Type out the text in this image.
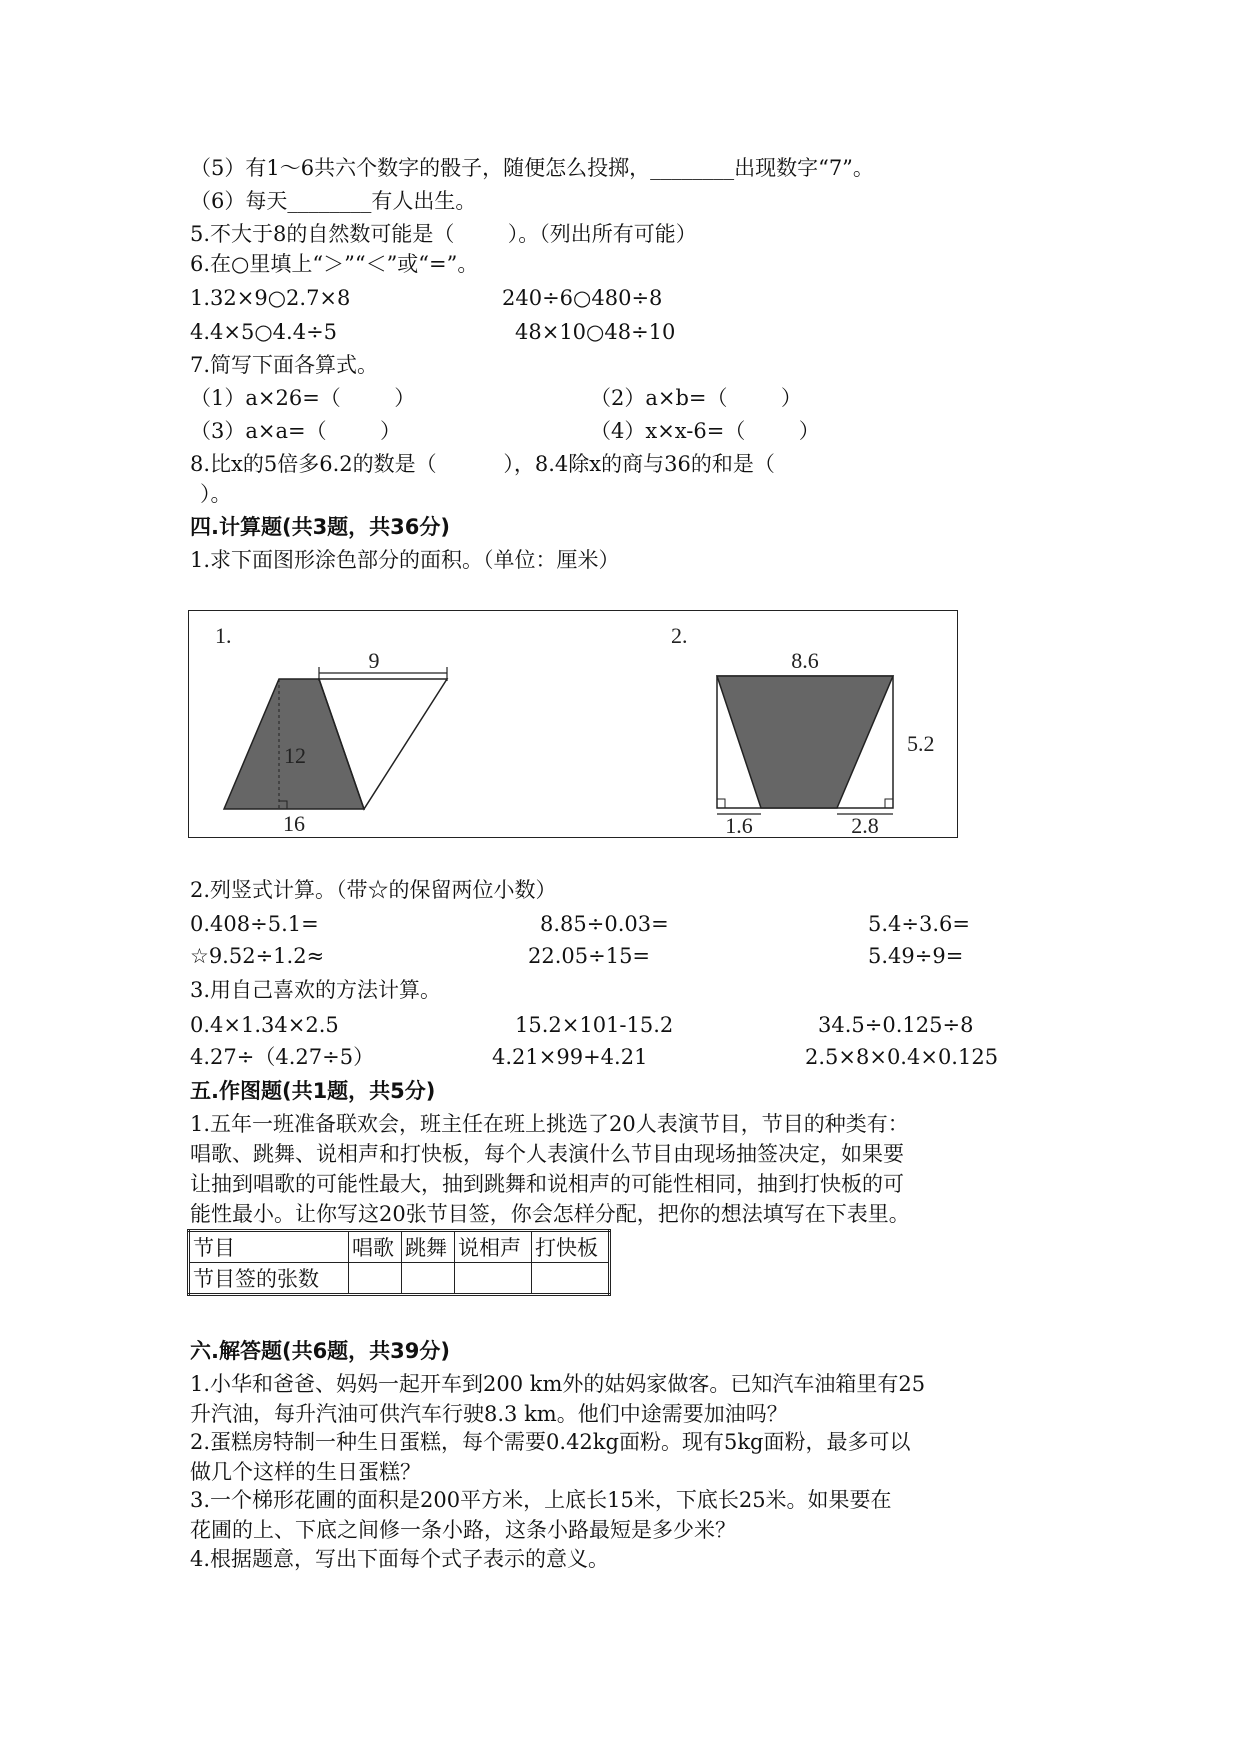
（5）有1～6共六个数字的骰子，随便怎么投掷，________出现数字“7”。
（6）每天________有人出生。
5.不大于8的自然数可能是（        ）。（列出所有可能）
6.在○里填上“＞”“＜”或“=”。
1.32×9○2.7×8	240÷6○480÷8
4.4×5○4.4÷5	48×10○48÷10
7.简写下面各算式。
（1）a×26=（        ）	（2）a×b=（        ）
（3）a×a=（        ）	（4）x×x-6=（        ）
8.比x的5倍多6.2的数是（          ），8.4除x的商与36的和是（
）。
四.计算题(共3题，共36分)
1.求下面图形涂色部分的面积。（单位：厘米）
1.
9
12
16
2.
8.6
5.2
1.6	2.8
2.列竖式计算。（带☆的保留两位小数）
0.408÷5.1=	8.85÷0.03=	5.4÷3.6=
☆9.52÷1.2≈	22.05÷15=	5.49÷9=
3.用自己喜欢的方法计算。
0.4×1.34×2.5	15.2×101-15.2	34.5÷0.125÷8
4.27÷（4.27÷5）	4.21×99+4.21	2.5×8×0.4×0.125
五.作图题(共1题，共5分)
1.五年一班准备联欢会，班主任在班上挑选了20人表演节目，节目的种类有：
唱歌、跳舞、说相声和打快板，每个人表演什么节目由现场抽签决定，如果要
让抽到唱歌的可能性最大，抽到跳舞和说相声的可能性相同，抽到打快板的可
能性最小。让你写这20张节目签，你会怎样分配，把你的想法填写在下表里。
节目	唱歌	跳舞	说相声	打快板
节目签的张数				
六.解答题(共6题，共39分)
1.小华和爸爸、妈妈一起开车到200 km外的姑妈家做客。已知汽车油箱里有25
升汽油，每升汽油可供汽车行驶8.3 km。他们中途需要加油吗？
2.蛋糕房特制一种生日蛋糕，每个需要0.42kg面粉。现有5kg面粉，最多可以
做几个这样的生日蛋糕？
3.一个梯形花圃的面积是200平方米，上底长15米，下底长25米。如果要在
花圃的上、下底之间修一条小路，这条小路最短是多少米？
4.根据题意，写出下面每个式子表示的意义。
